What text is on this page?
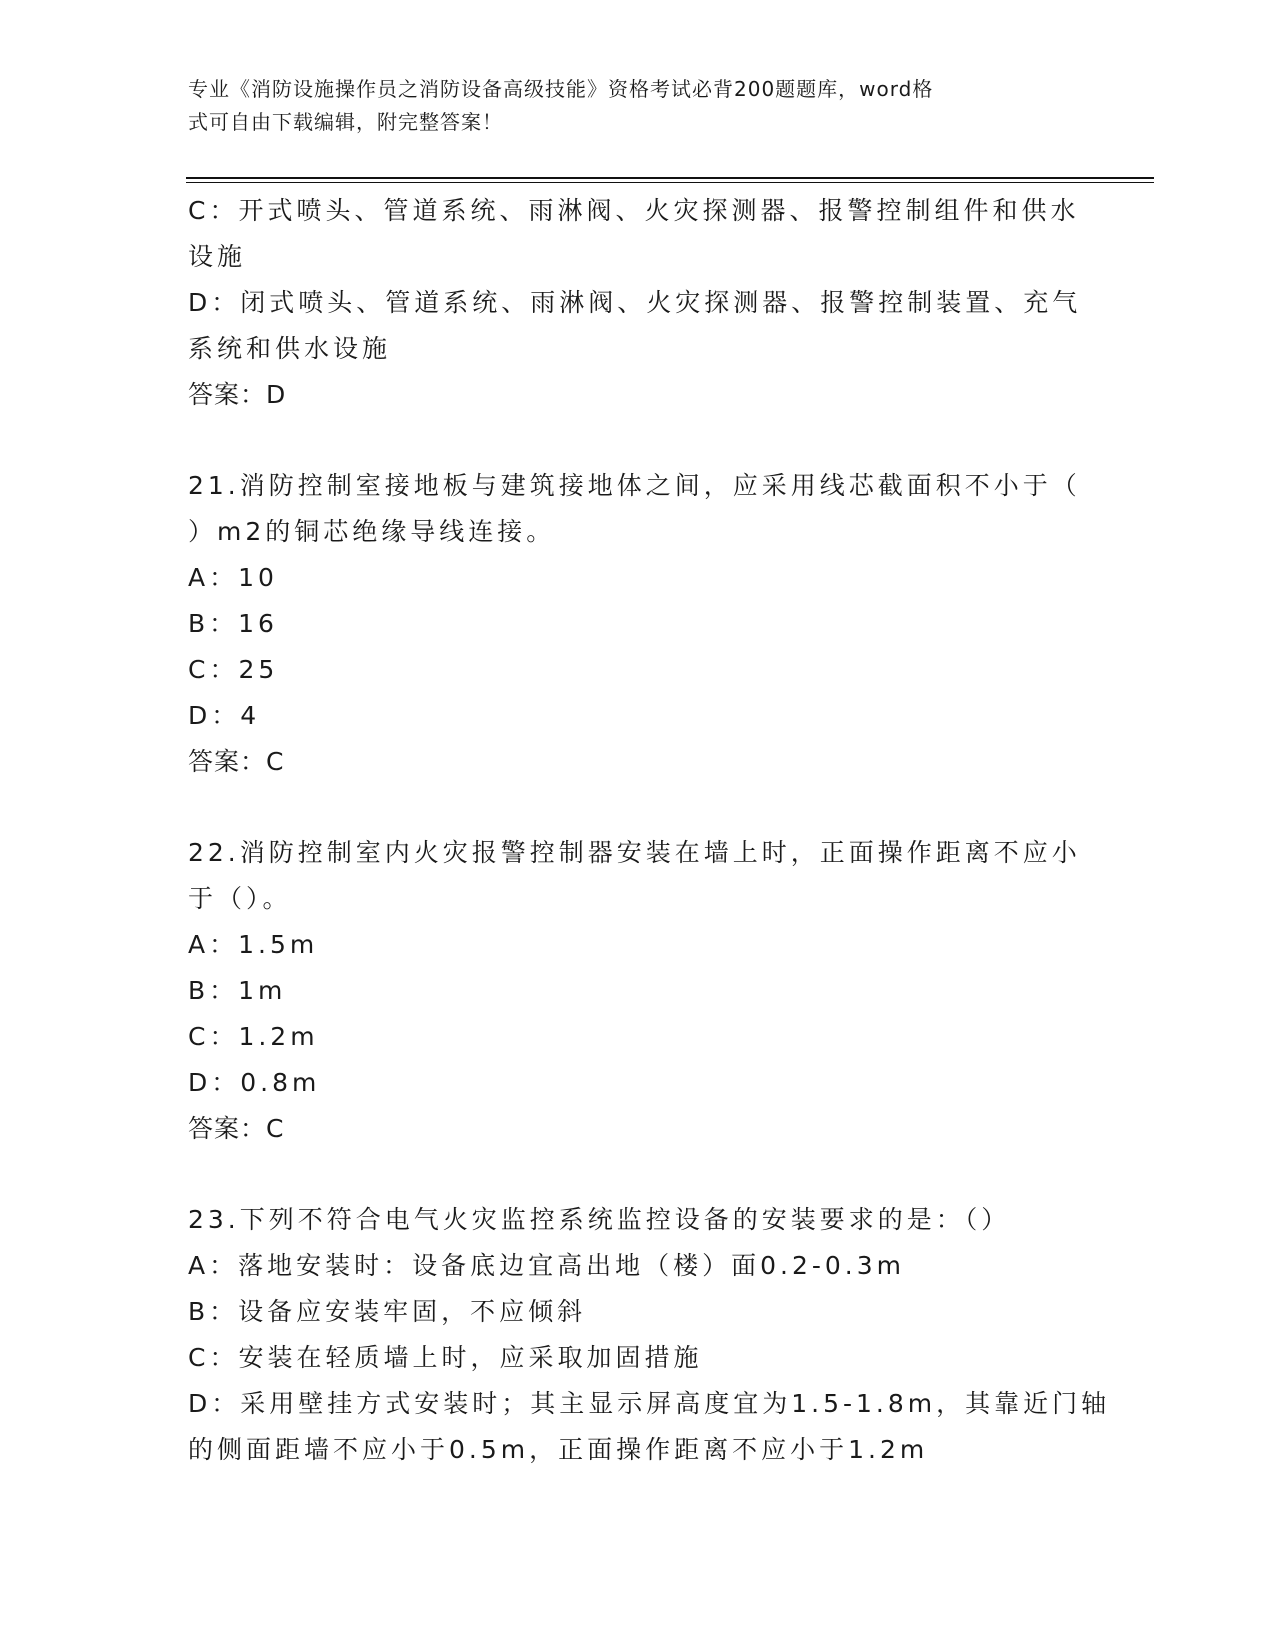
专业《消防设施操作员之消防设备高级技能》资格考试必背200题题库，word格
式可自由下载编辑，附完整答案！
C：开式喷头、管道系统、雨淋阀、火灾探测器、报警控制组件和供水
设施
D：闭式喷头、管道系统、雨淋阀、火灾探测器、报警控制装置、充气
系统和供水设施
答案：D
21.消防控制室接地板与建筑接地体之间，应采用线芯截面积不小于（
）m2的铜芯绝缘导线连接。
A：10
B：16
C：25
D：4
答案：C
22.消防控制室内火灾报警控制器安装在墙上时，正面操作距离不应小
于（）。
A：1.5m
B：1m
C：1.2m
D：0.8m
答案：C
23.下列不符合电气火灾监控系统监控设备的安装要求的是：（）
A：落地安装时：设备底边宜高出地（楼）面0.2-0.3m
B：设备应安装牢固，不应倾斜
C：安装在轻质墙上时，应采取加固措施
D：采用壁挂方式安装时；其主显示屏高度宜为1.5-1.8m，其靠近门轴
的侧面距墙不应小于0.5m，正面操作距离不应小于1.2m
